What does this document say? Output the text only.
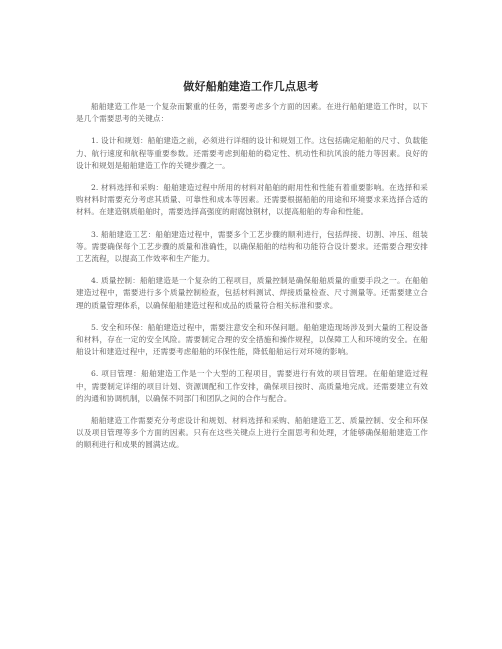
做好船舶建造工作几点思考

船舶建造工作是一个复杂而繁重的任务，需要考虑多个方面的因素。在进行船舶建造工作时，以下是几个需要思考的关键点：

1. 设计和规划：船舶建造之前，必须进行详细的设计和规划工作。这包括确定船舶的尺寸、负载能力、航行速度和航程等重要参数。还需要考虑到船舶的稳定性、机动性和抗风浪的能力等因素。良好的设计和规划是船舶建造工作的关键步骤之一。

2. 材料选择和采购：船舶建造过程中所用的材料对船舶的耐用性和性能有着重要影响。在选择和采购材料时需要充分考虑其质量、可靠性和成本等因素。还需要根据船舶的用途和环境要求来选择合适的材料。在建造钢质船舶时，需要选择高强度的耐腐蚀钢材，以提高船舶的寿命和性能。

3. 船舶建造工艺：船舶建造过程中，需要多个工艺步骤的顺利进行，包括焊接、切割、冲压、组装等。需要确保每个工艺步骤的质量和准确性，以确保船舶的结构和功能符合设计要求。还需要合理安排工艺流程，以提高工作效率和生产能力。

4. 质量控制：船舶建造是一个复杂的工程项目，质量控制是确保船舶质量的重要手段之一。在船舶建造过程中，需要进行多个质量控制检查，包括材料测试、焊接质量检查、尺寸测量等。还需要建立合理的质量管理体系，以确保船舶建造过程和成品的质量符合相关标准和要求。

5. 安全和环保：船舶建造过程中，需要注意安全和环保问题。船舶建造现场涉及到大量的工程设备和材料，存在一定的安全风险。需要制定合理的安全措施和操作规程，以保障工人和环境的安全。在船舶设计和建造过程中，还需要考虑船舶的环保性能，降低船舶运行对环境的影响。

6. 项目管理：船舶建造工作是一个大型的工程项目，需要进行有效的项目管理。在船舶建造过程中，需要制定详细的项目计划、资源调配和工作安排，确保项目按时、高质量地完成。还需要建立有效的沟通和协调机制，以确保不同部门和团队之间的合作与配合。

船舶建造工作需要充分考虑设计和规划、材料选择和采购、船舶建造工艺、质量控制、安全和环保以及项目管理等多个方面的因素。只有在这些关键点上进行全面思考和处理，才能够确保船舶建造工作的顺利进行和成果的圆满达成。
